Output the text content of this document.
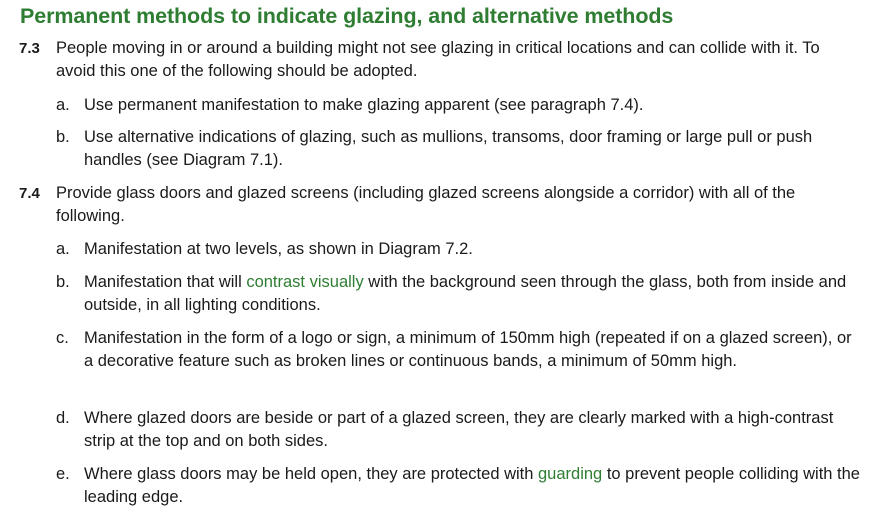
Permanent methods to indicate glazing, and alternative methods
7.3 People moving in or around a building might not see glazing in critical locations and can collide with it. To avoid this one of the following should be adopted.

a. Use permanent manifestation to make glazing apparent (see paragraph 7.4).

b. Use alternative indications of glazing, such as mullions, transoms, door framing or large pull or push handles (see Diagram 7.1).

7.4 Provide glass doors and glazed screens (including glazed screens alongside a corridor) with all of the following.

a. Manifestation at two levels, as shown in Diagram 7.2.

b. Manifestation that will contrast visually with the background seen through the glass, both from inside and outside, in all lighting conditions.

c. Manifestation in the form of a logo or sign, a minimum of 150mm high (repeated if on a glazed screen), or a decorative feature such as broken lines or continuous bands, a minimum of 50mm high.

d. Where glazed doors are beside or part of a glazed screen, they are clearly marked with a high-contrast strip at the top and on both sides.

e. Where glass doors may be held open, they are protected with guarding to prevent people colliding with the leading edge.
